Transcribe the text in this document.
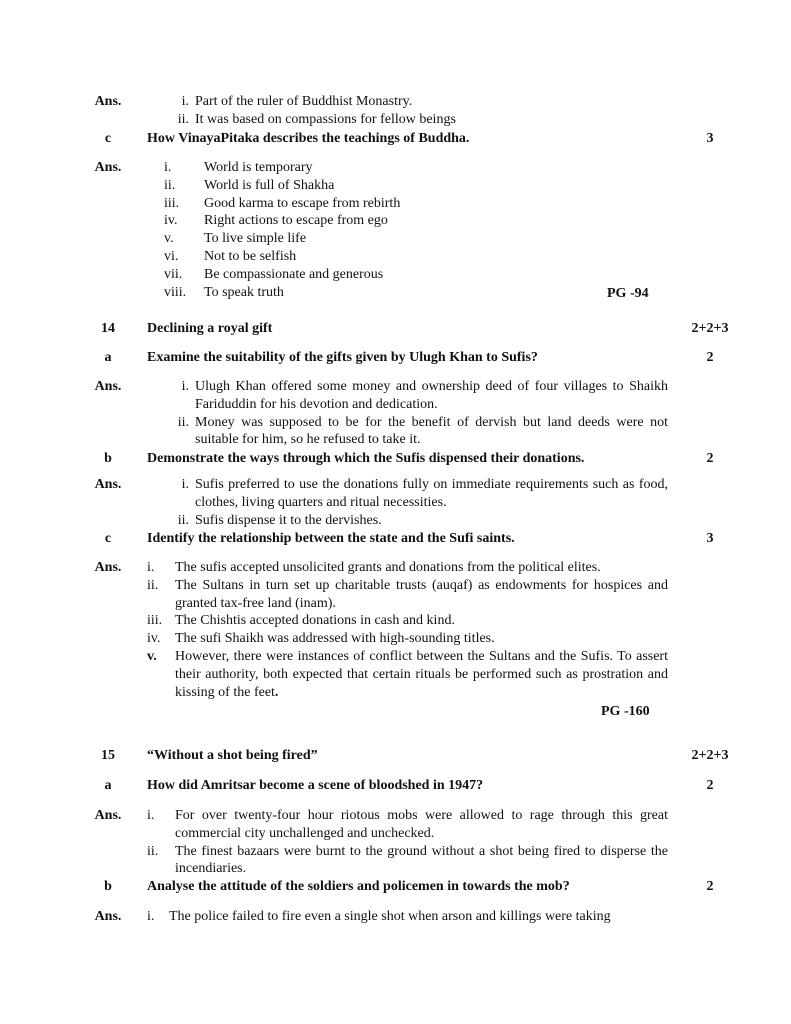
Ans.	i. Part of the ruler of Buddhist Monastry.
ii. It was based on compassions for fellow beings
c	How VinayaPitaka describes the teachings of Buddha.	3
Ans.	i.	World is temporary
ii.	World is full of Shakha
iii.	Good karma to escape from rebirth
iv.	Right actions to escape from ego
v.	To live simple life
vi.	Not to be selfish
vii. Be compassionate and generous
viii. To speak truth	PG -94
14	Declining a royal gift	2+2+3
a	Examine the suitability of the gifts given by Ulugh Khan to Sufis?	2
Ans.	i. Ulugh Khan offered some money and ownership deed of four villages to Shaikh Fariduddin for his devotion and dedication.
ii. Money was supposed to be for the benefit of dervish but land deeds were not suitable for him, so he refused to take it.
b	Demonstrate the ways through which the Sufis dispensed their donations.	2
Ans.	i. Sufis preferred to use the donations fully on immediate requirements such as food, clothes, living quarters and ritual necessities.
ii. Sufis dispense it to the dervishes.
c	Identify the relationship between the state and the Sufi saints.	3
Ans.	i.	The sufis accepted unsolicited grants and donations from the political elites.
ii.	The Sultans in turn set up charitable trusts (auqaf) as endowments for hospices and granted tax-free land (inam).
iii. The Chishtis accepted donations in cash and kind.
iv.	The sufi Shaikh was addressed with high-sounding titles.
v.	However, there were instances of conflict between the Sultans and the Sufis. To assert their authority, both expected that certain rituals be performed such as prostration and kissing of the feet.
PG -160
15	“Without a shot being fired”	2+2+3
a	How did Amritsar become a scene of bloodshed in 1947?	2
Ans.	i.	For over twenty-four hour riotous mobs were allowed to rage through this great commercial city unchallenged and unchecked.
ii.	The finest bazaars were burnt to the ground without a shot being fired to disperse the incendiaries.
b	Analyse the attitude of the soldiers and policemen in towards the mob?	2
Ans.	i.	The police failed to fire even a single shot when arson and killings were taking
